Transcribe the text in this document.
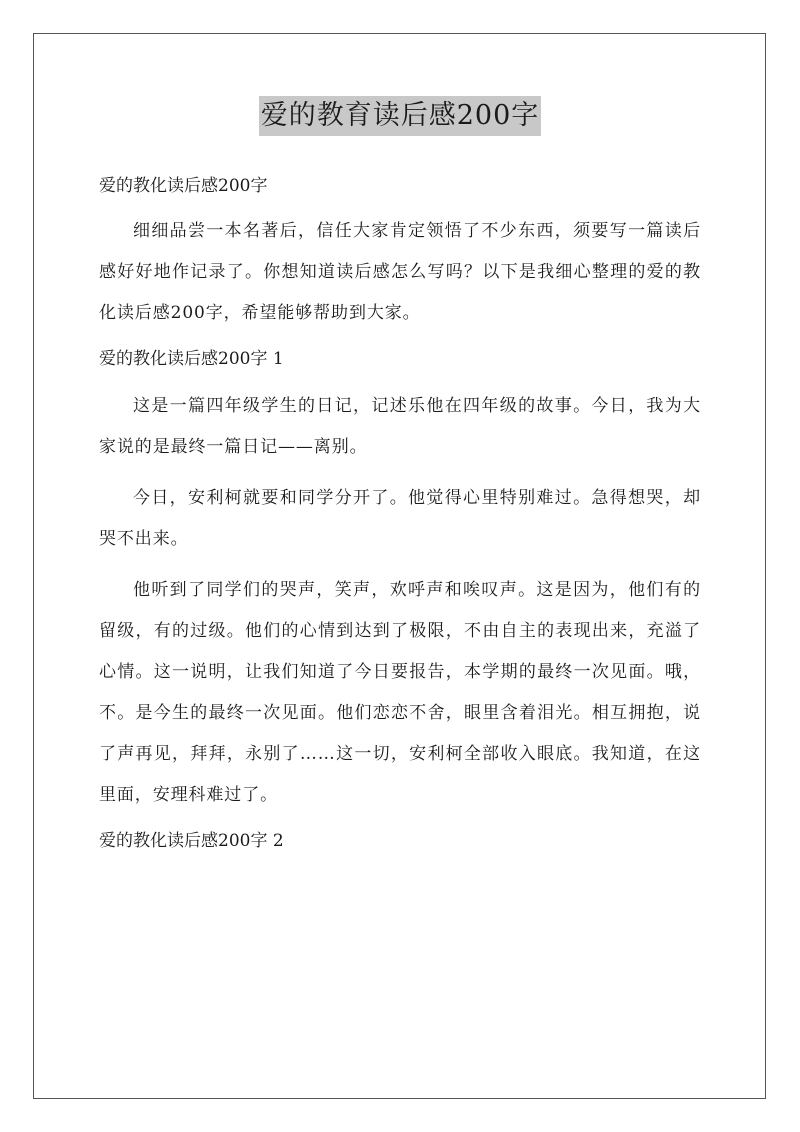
爱的教育读后感200字

爱的教化读后感200字

细细品尝一本名著后，信任大家肯定领悟了不少东西，须要写一篇读后感好好地作记录了。你想知道读后感怎么写吗？以下是我细心整理的爱的教化读后感200字，希望能够帮助到大家。

爱的教化读后感200字 1

这是一篇四年级学生的日记，记述乐他在四年级的故事。今日，我为大家说的是最终一篇日记——离别。

今日，安利柯就要和同学分开了。他觉得心里特别难过。急得想哭，却哭不出来。

他听到了同学们的哭声，笑声，欢呼声和唉叹声。这是因为，他们有的留级，有的过级。他们的心情到达到了极限，不由自主的表现出来，充溢了心情。这一说明，让我们知道了今日要报告，本学期的最终一次见面。哦，不。是今生的最终一次见面。他们恋恋不舍，眼里含着泪光。相互拥抱，说了声再见，拜拜，永别了……这一切，安利柯全部收入眼底。我知道，在这里面，安理科难过了。

爱的教化读后感200字 2
